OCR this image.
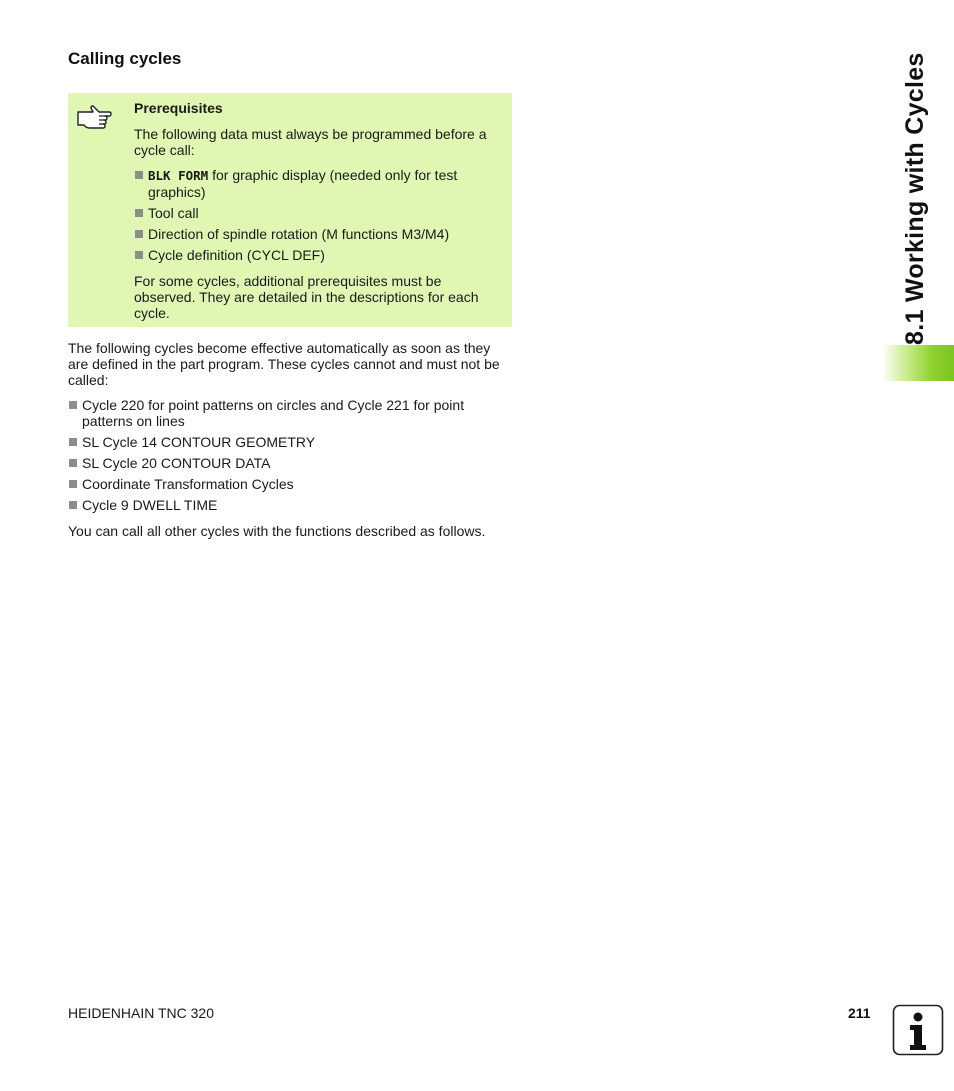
Calling cycles

Prerequisites

The following data must always be programmed before a cycle call:

BLK FORM for graphic display (needed only for test graphics)
Tool call
Direction of spindle rotation (M functions M3/M4)
Cycle definition (CYCL DEF)

For some cycles, additional prerequisites must be observed. They are detailed in the descriptions for each cycle.

The following cycles become effective automatically as soon as they are defined in the part program. These cycles cannot and must not be called:

Cycle 220 for point patterns on circles and Cycle 221 for point patterns on lines
SL Cycle 14 CONTOUR GEOMETRY
SL Cycle 20 CONTOUR DATA
Coordinate Transformation Cycles
Cycle 9 DWELL TIME

You can call all other cycles with the functions described as follows.

8.1 Working with Cycles
HEIDENHAIN TNC 320	211
